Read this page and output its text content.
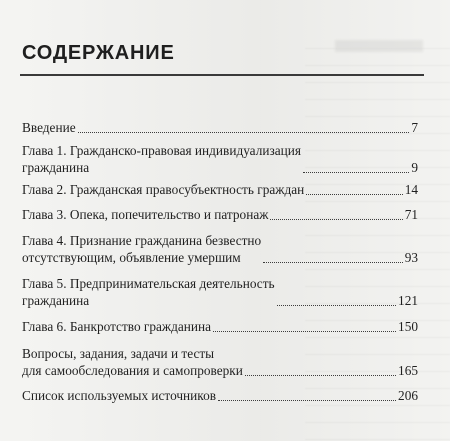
СОДЕРЖАНИЕ
Введение	7
Глава 1. Гражданско-правовая индивидуализация
гражданина	9
Глава 2. Гражданская правосубъектность граждан	14
Глава 3. Опека, попечительство и патронаж	71
Глава 4. Признание гражданина безвестно
отсутствующим, объявление умершим	93
Глава 5. Предпринимательская деятельность
гражданина	121
Глава 6. Банкротство гражданина	150
Вопросы, задания, задачи и тесты
для самообследования и самопроверки	165
Список используемых источников	206
